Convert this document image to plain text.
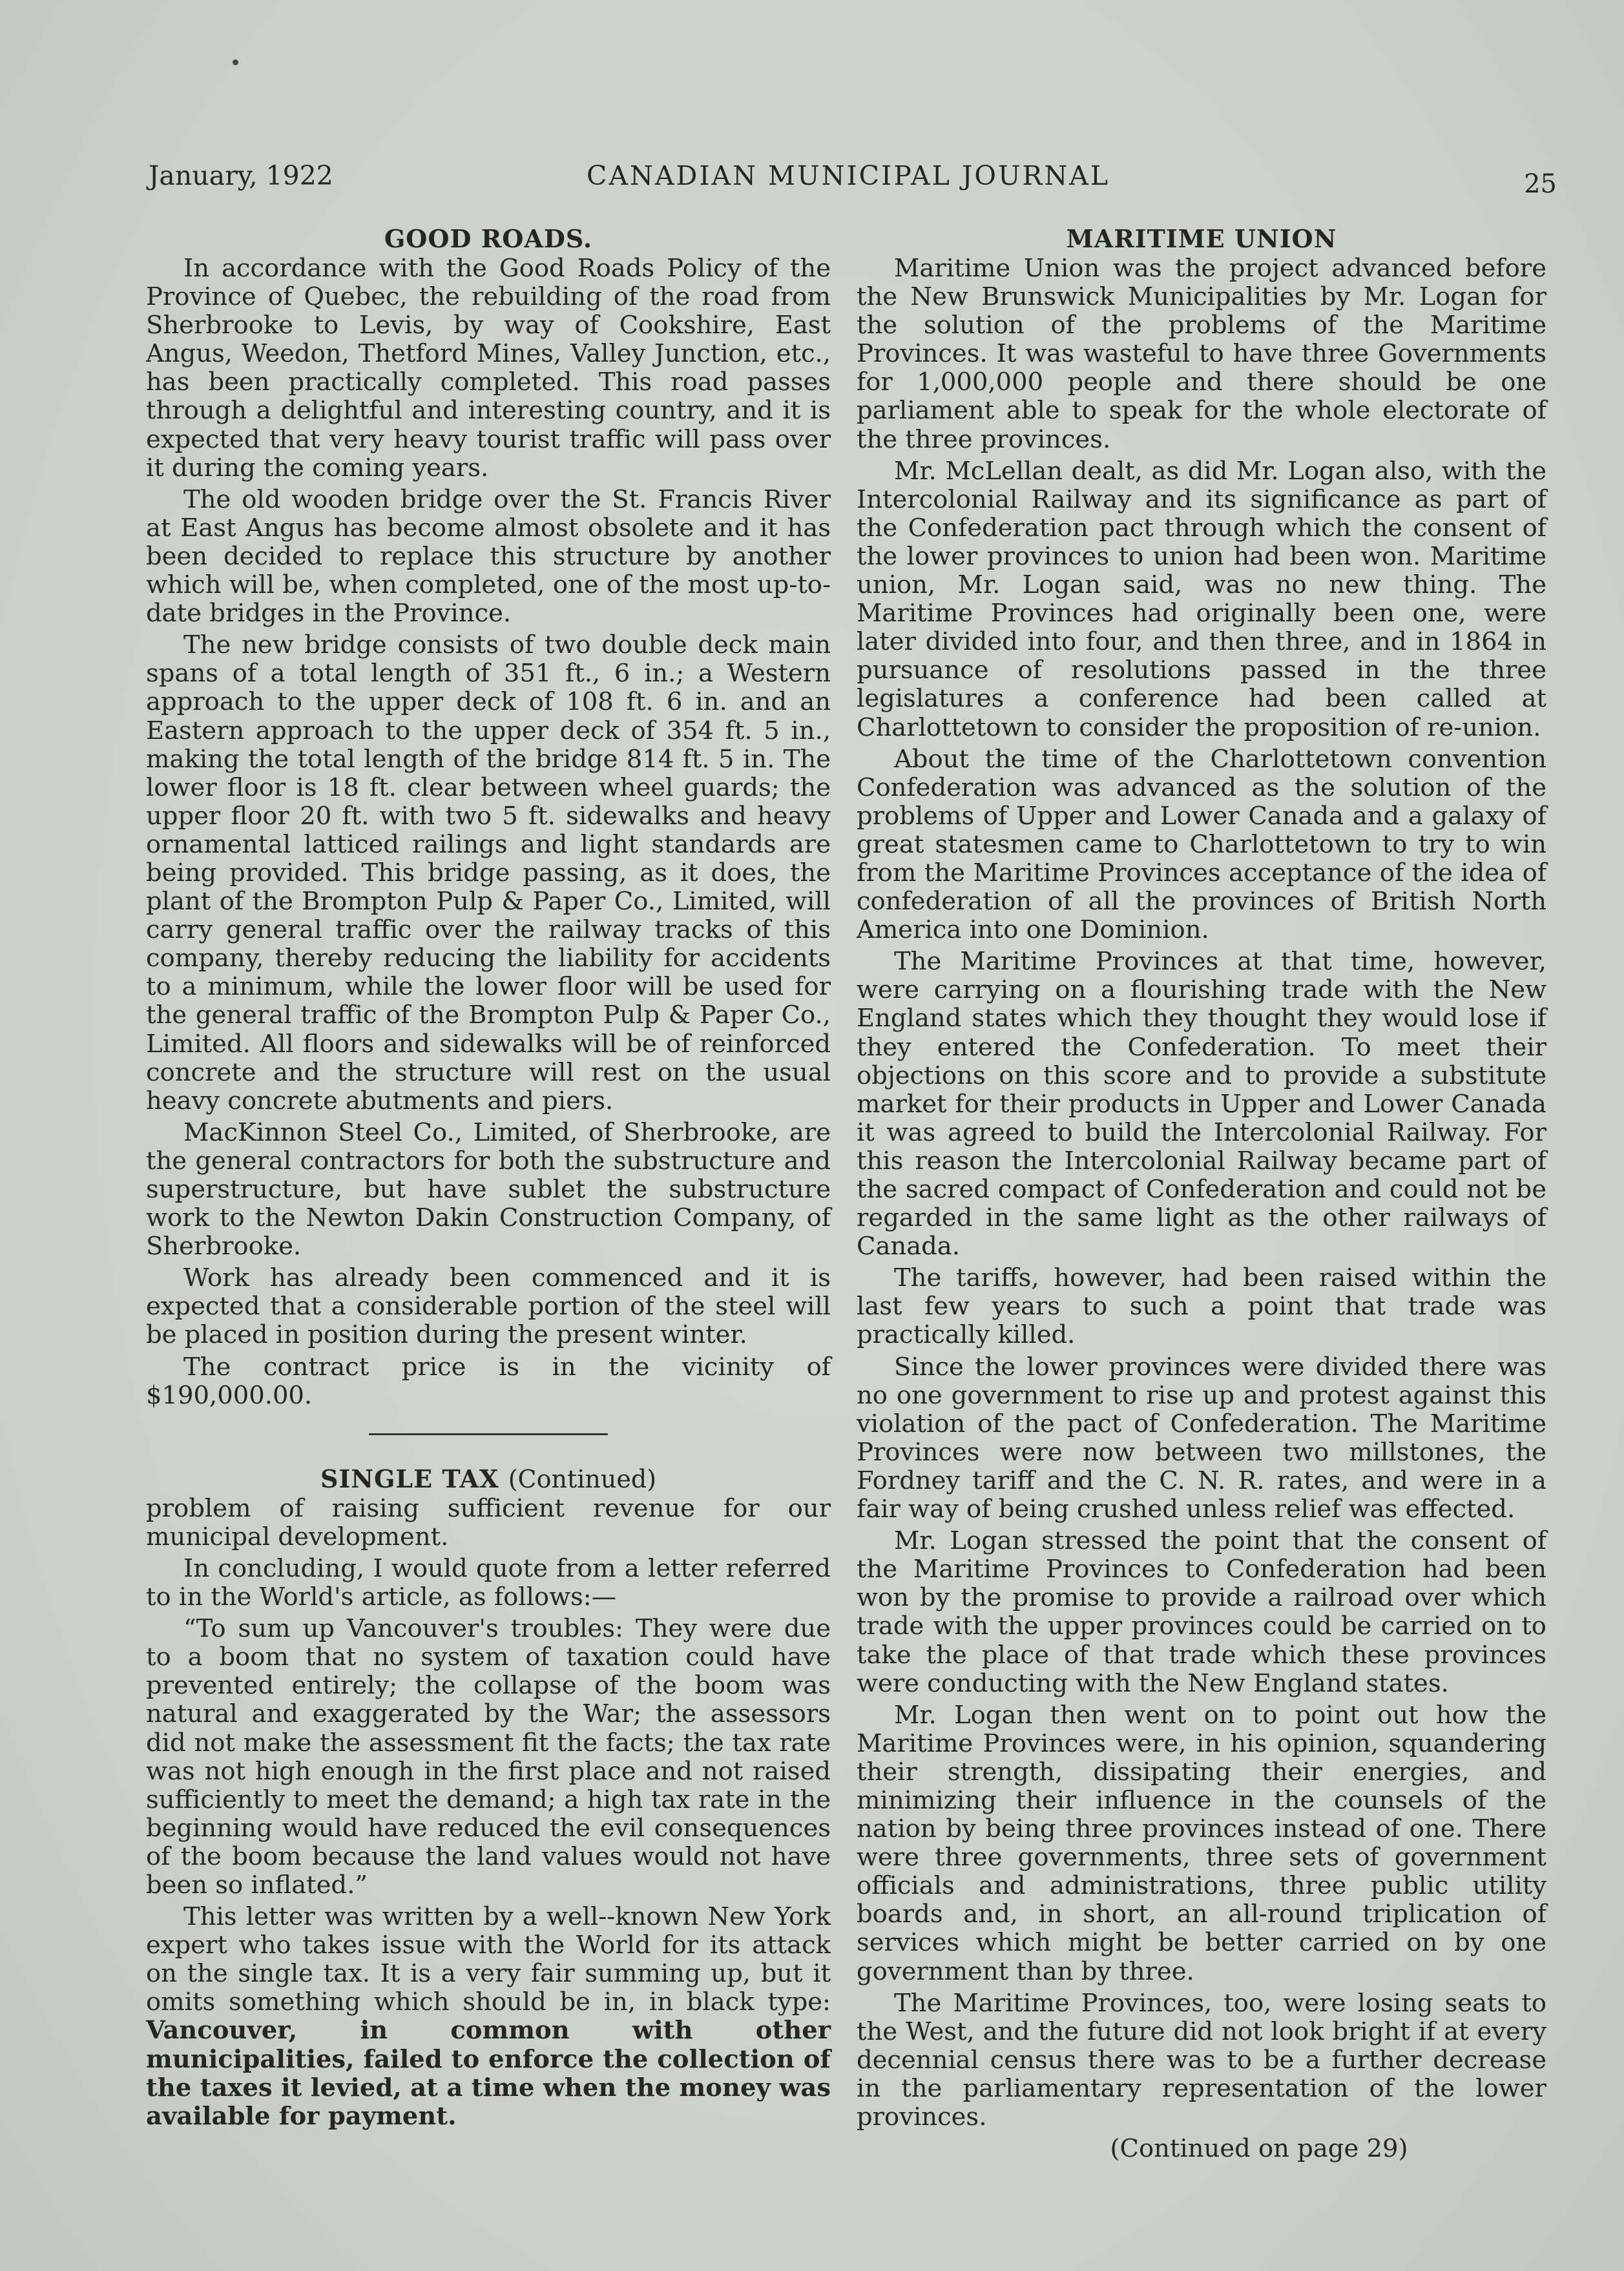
January, 1922	CANADIAN MUNICIPAL JOURNAL	25
GOOD ROADS.

In accordance with the Good Roads Policy of the Province of Quebec, the rebuilding of the road from Sherbrooke to Levis, by way of Cookshire, East Angus, Weedon, Thetford Mines, Valley Junction, etc., has been practically completed. This road passes through a delightful and interesting country, and it is expected that very heavy tourist traffic will pass over it during the coming years.

The old wooden bridge over the St. Francis River at East Angus has become almost obsolete and it has been decided to replace this structure by another which will be, when completed, one of the most up-to-date bridges in the Province.

The new bridge consists of two double deck main spans of a total length of 351 ft., 6 in.; a Western approach to the upper deck of 108 ft. 6 in. and an Eastern approach to the upper deck of 354 ft. 5 in., making the total length of the bridge 814 ft. 5 in. The lower floor is 18 ft. clear between wheel guards; the upper floor 20 ft. with two 5 ft. sidewalks and heavy ornamental latticed railings and light standards are being provided. This bridge passing, as it does, the plant of the Brompton Pulp & Paper Co., Limited, will carry general traffic over the railway tracks of this company, thereby reducing the liability for accidents to a minimum, while the lower floor will be used for the general traffic of the Brompton Pulp & Paper Co., Limited. All floors and sidewalks will be of reinforced concrete and the structure will rest on the usual heavy concrete abutments and piers.

MacKinnon Steel Co., Limited, of Sherbrooke, are the general contractors for both the substructure and superstructure, but have sublet the substructure work to the Newton Dakin Construction Company, of Sherbrooke.

Work has already been commenced and it is expected that a considerable portion of the steel will be placed in position during the present winter.

The contract price is in the vicinity of $190,000.00.

SINGLE TAX (Continued)

problem of raising sufficient revenue for our municipal development.

In concluding, I would quote from a letter referred to in the World's article, as follows:—

“To sum up Vancouver's troubles: They were due to a boom that no system of taxation could have prevented entirely; the collapse of the boom was natural and exaggerated by the War; the assessors did not make the assessment fit the facts; the tax rate was not high enough in the first place and not raised sufficiently to meet the demand; a high tax rate in the beginning would have reduced the evil consequences of the boom because the land values would not have been so inflated.”

This letter was written by a well--known New York expert who takes issue with the World for its attack on the single tax. It is a very fair summing up, but it omits something which should be in, in black type: Vancouver, in common with other municipalities, failed to enforce the collection of the taxes it levied, at a time when the money was available for payment.

MARITIME UNION

Maritime Union was the project advanced before the New Brunswick Municipalities by Mr. Logan for the solution of the problems of the Maritime Provinces. It was wasteful to have three Governments for 1,000,000 people and there should be one parliament able to speak for the whole electorate of the three provinces.

Mr. McLellan dealt, as did Mr. Logan also, with the Intercolonial Railway and its significance as part of the Confederation pact through which the consent of the lower provinces to union had been won. Maritime union, Mr. Logan said, was no new thing. The Maritime Provinces had originally been one, were later divided into four, and then three, and in 1864 in pursuance of resolutions passed in the three legislatures a conference had been called at Charlottetown to consider the proposition of re-union.

About the time of the Charlottetown convention Confederation was advanced as the solution of the problems of Upper and Lower Canada and a galaxy of great statesmen came to Charlottetown to try to win from the Maritime Provinces acceptance of the idea of confederation of all the provinces of British North America into one Dominion.

The Maritime Provinces at that time, however, were carrying on a flourishing trade with the New England states which they thought they would lose if they entered the Confederation. To meet their objections on this score and to provide a substitute market for their products in Upper and Lower Canada it was agreed to build the Intercolonial Railway. For this reason the Intercolonial Railway became part of the sacred compact of Confederation and could not be regarded in the same light as the other railways of Canada.

The tariffs, however, had been raised within the last few years to such a point that trade was practically killed.

Since the lower provinces were divided there was no one government to rise up and protest against this violation of the pact of Confederation. The Maritime Provinces were now between two millstones, the Fordney tariff and the C. N. R. rates, and were in a fair way of being crushed unless relief was effected.

Mr. Logan stressed the point that the consent of the Maritime Provinces to Confederation had been won by the promise to provide a railroad over which trade with the upper provinces could be carried on to take the place of that trade which these provinces were conducting with the New England states.

Mr. Logan then went on to point out how the Maritime Provinces were, in his opinion, squandering their strength, dissipating their energies, and minimizing their influence in the counsels of the nation by being three provinces instead of one. There were three governments, three sets of government officials and administrations, three public utility boards and, in short, an all-round triplication of services which might be better carried on by one government than by three.

The Maritime Provinces, too, were losing seats to the West, and the future did not look bright if at every decennial census there was to be a further decrease in the parliamentary representation of the lower provinces.

(Continued on page 29)
